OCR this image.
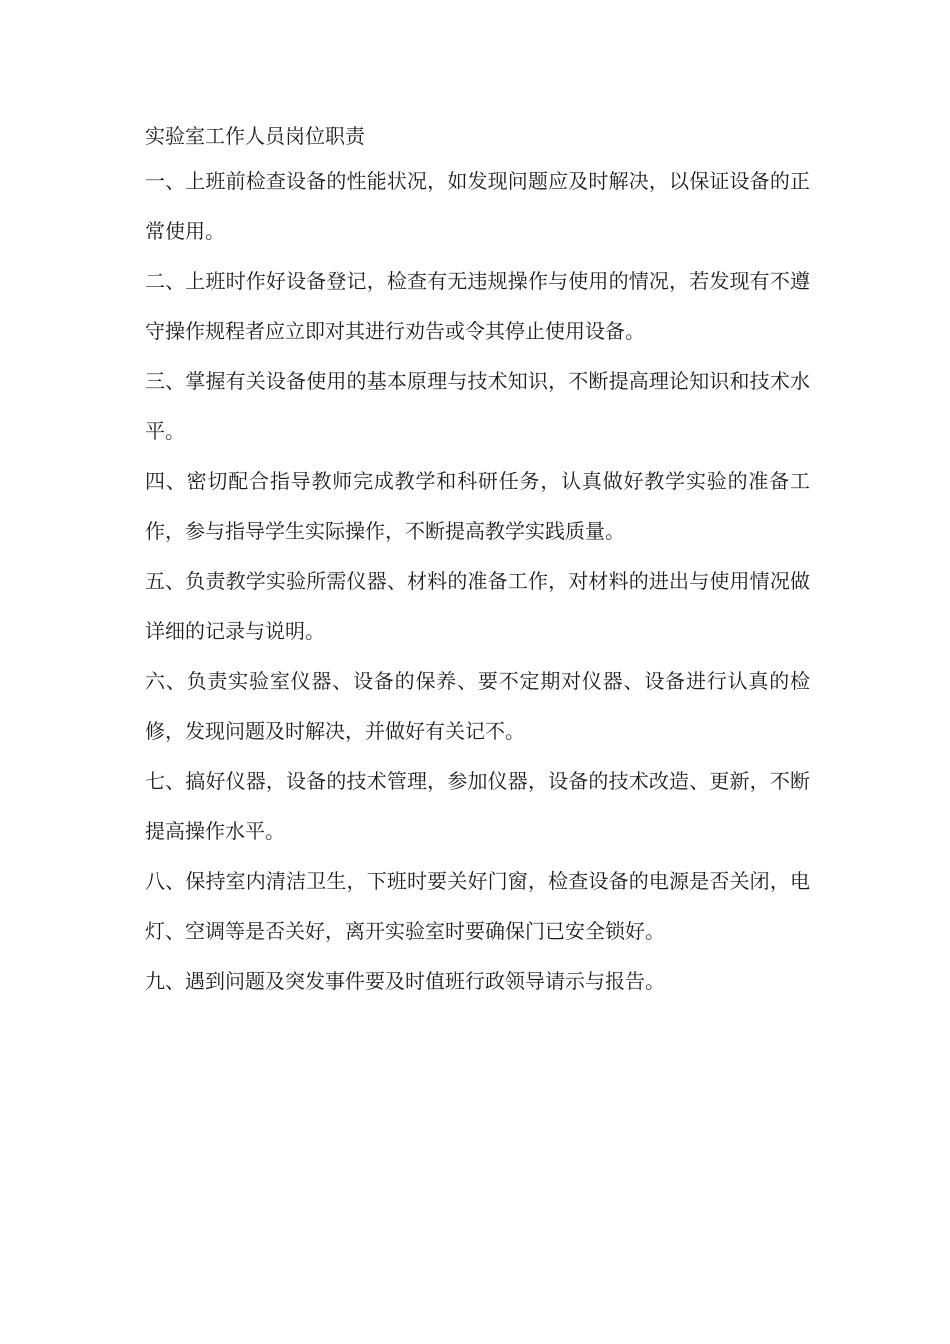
实验室工作人员岗位职责
一、上班前检查设备的性能状况，如发现问题应及时解决，以保证设备的正常使用。
二、上班时作好设备登记，检查有无违规操作与使用的情况，若发现有不遵守操作规程者应立即对其进行劝告或令其停止使用设备。
三、掌握有关设备使用的基本原理与技术知识，不断提高理论知识和技术水平。
四、密切配合指导教师完成教学和科研任务，认真做好教学实验的准备工作，参与指导学生实际操作，不断提高教学实践质量。
五、负责教学实验所需仪器、材料的准备工作，对材料的进出与使用情况做详细的记录与说明。
六、负责实验室仪器、设备的保养、要不定期对仪器、设备进行认真的检修，发现问题及时解决，并做好有关记不。
七、搞好仪器，设备的技术管理，参加仪器，设备的技术改造、更新，不断提高操作水平。
八、保持室内清洁卫生，下班时要关好门窗，检查设备的电源是否关闭，电灯、空调等是否关好，离开实验室时要确保门已安全锁好。
九、遇到问题及突发事件要及时值班行政领导请示与报告。
